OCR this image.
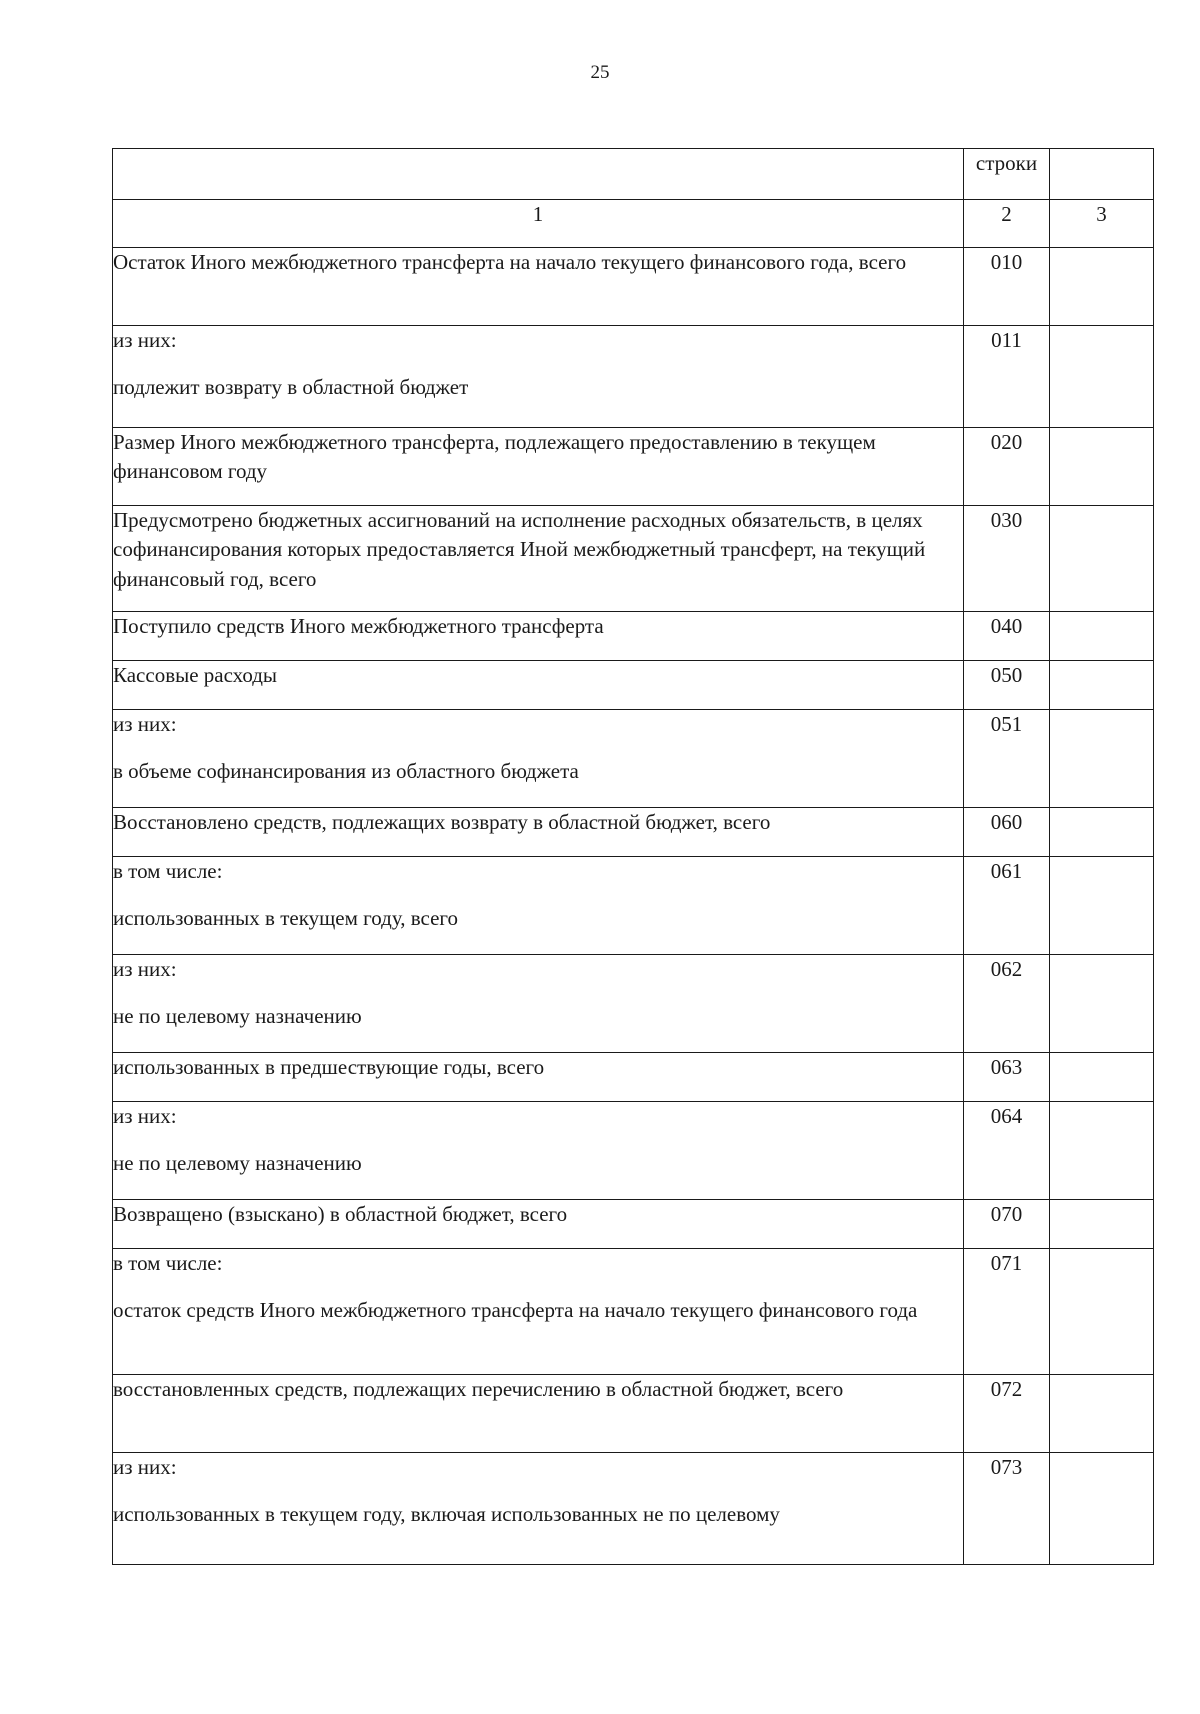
25
	строки	
1	2	3

Остаток Иного межбюджетного трансферта на начало текущего финансового года, всего	010	

из них:
подлежит возврату в областной бюджет	011	

Размер Иного межбюджетного трансферта, подлежащего предоставлению в текущем финансовом году	020	

Предусмотрено бюджетных ассигнований на исполнение расходных обязательств, в целях софинансирования которых предоставляется Иной межбюджетный трансферт, на текущий финансовый год, всего	030	

Поступило средств Иного межбюджетного трансферта	040	

Кассовые расходы	050	

из них:
в объеме софинансирования из областного бюджета	051	

Восстановлено средств, подлежащих возврату в областной бюджет, всего	060	

в том числе:
использованных в текущем году, всего	061	

из них:
не по целевому назначению	062	

использованных в предшествующие годы, всего	063	

из них:
не по целевому назначению	064	

Возвращено (взыскано) в областной бюджет, всего	070	

в том числе:
остаток средств Иного межбюджетного трансферта на начало текущего финансового года	071	

восстановленных средств, подлежащих перечислению в областной бюджет, всего	072	

из них:
использованных в текущем году, включая использованных не по целевому	073	
